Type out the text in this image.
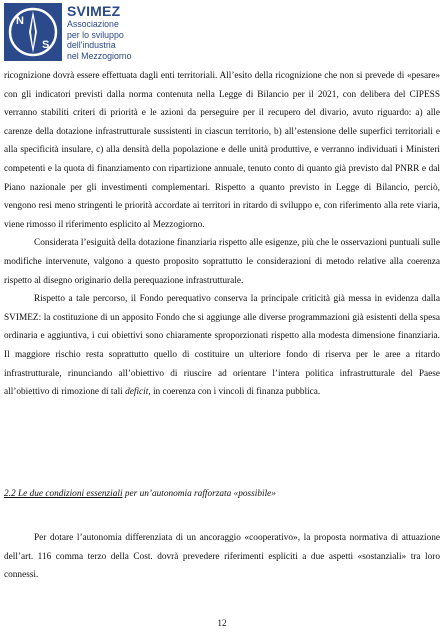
N
S
SVIMEZ
Associazione
per lo sviluppo
dell'industria
nel Mezzogiorno

ricognizione dovrà essere effettuata dagli enti territoriali. All’esito della ricognizione che non si prevede di «pesare» con gli indicatori previsti dalla norma contenuta nella Legge di Bilancio per il 2021, con delibera del CIPESS verranno stabiliti criteri di priorità e le azioni da perseguire per il recupero del divario, avuto riguardo: a) alle carenze della dotazione infrastrutturale sussistenti in ciascun territorio, b) all’estensione delle superfici territoriali e alla specificità insulare, c) alla densità della popolazione e delle unità produttive, e verranno individuati i Ministeri competenti e la quota di finanziamento con ripartizione annuale, tenuto conto di quanto già previsto dal PNRR e dal Piano nazionale per gli investimenti complementari. Rispetto a quanto previsto in Legge di Bilancio, perciò, vengono resi meno stringenti le priorità accordate ai territori in ritardo di sviluppo e, con riferimento alla rete viaria, viene rimosso il riferimento esplicito al Mezzogiorno.

Considerata l’esiguità della dotazione finanziaria rispetto alle esigenze, più che le osservazioni puntuali sulle modifiche intervenute, valgono a questo proposito soprattutto le considerazioni di metodo relative alla coerenza rispetto al disegno originario della perequazione infrastrutturale.

Rispetto a tale percorso, il Fondo perequativo conserva la principale criticità già messa in evidenza dalla SVIMEZ: la costituzione di un apposito Fondo che si aggiunge alle diverse programmazioni già esistenti della spesa ordinaria e aggiuntiva, i cui obiettivi sono chiaramente sproporzionati rispetto alla modesta dimensione finanziaria. Il maggiore rischio resta soprattutto quello di costituire un ulteriore fondo di riserva per le aree a ritardo infrastrutturale, rinunciando all’obiettivo di riuscire ad orientare l’intera politica infrastrutturale del Paese all’obiettivo di rimozione di tali deficit, in coerenza con i vincoli di finanza pubblica.

2.2 Le due condizioni essenziali per un’autonomia rafforzata «possibile»

Per dotare l’autonomia differenziata di un ancoraggio «cooperativo», la proposta normativa di attuazione dell’art. 116 comma terzo della Cost. dovrà prevedere riferimenti espliciti a due aspetti «sostanziali» tra loro connessi.

12
